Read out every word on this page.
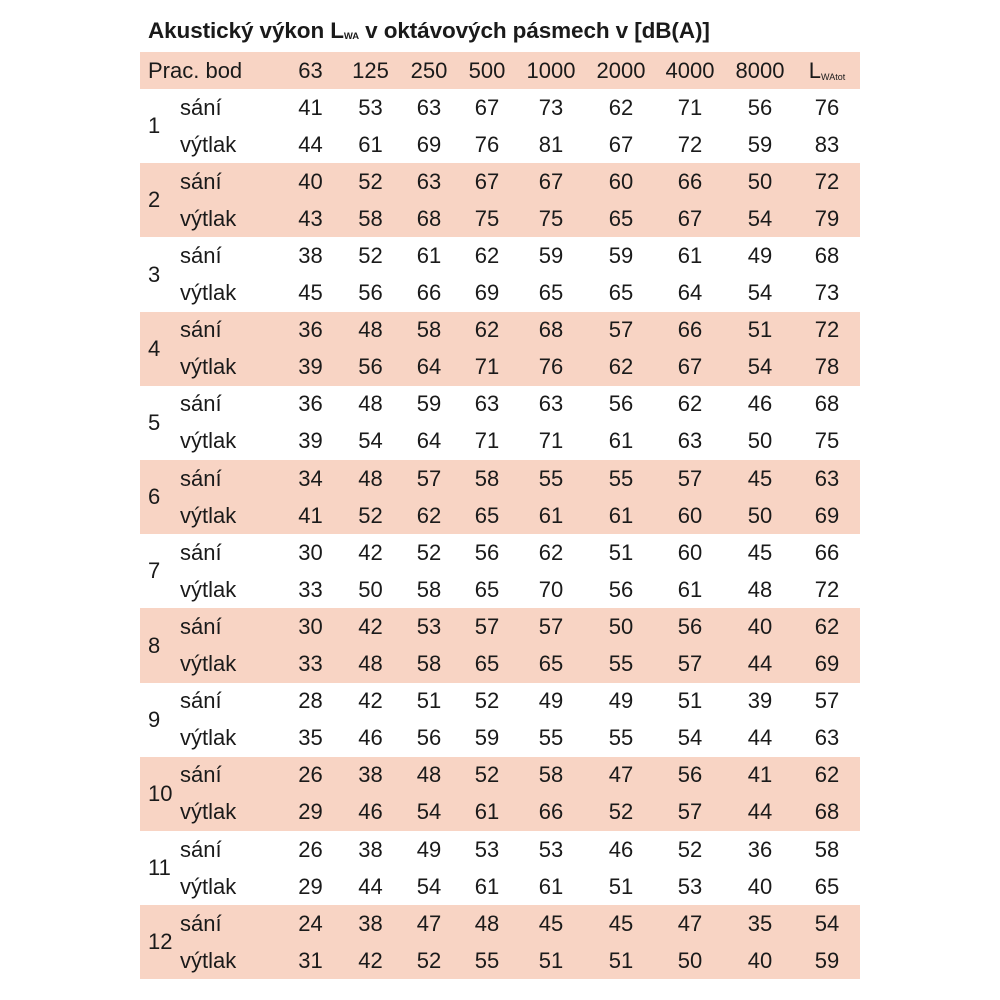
Akustický výkon $L_{WA}$ v oktávových pásmech v [dB(A)]
Prac. bod		63	125	250	500	1000	2000	4000	8000	LWAtot
1	sání	41	53	63	67	73	62	71	56	76
	výtlak	44	61	69	76	81	67	72	59	83
2	sání	40	52	63	67	67	60	66	50	72
	výtlak	43	58	68	75	75	65	67	54	79
3	sání	38	52	61	62	59	59	61	49	68
	výtlak	45	56	66	69	65	65	64	54	73
4	sání	36	48	58	62	68	57	66	51	72
	výtlak	39	56	64	71	76	62	67	54	78
5	sání	36	48	59	63	63	56	62	46	68
	výtlak	39	54	64	71	71	61	63	50	75
6	sání	34	48	57	58	55	55	57	45	63
	výtlak	41	52	62	65	61	61	60	50	69
7	sání	30	42	52	56	62	51	60	45	66
	výtlak	33	50	58	65	70	56	61	48	72
8	sání	30	42	53	57	57	50	56	40	62
	výtlak	33	48	58	65	65	55	57	44	69
9	sání	28	42	51	52	49	49	51	39	57
	výtlak	35	46	56	59	55	55	54	44	63
10	sání	26	38	48	52	58	47	56	41	62
	výtlak	29	46	54	61	66	52	57	44	68
11	sání	26	38	49	53	53	46	52	36	58
	výtlak	29	44	54	61	61	51	53	40	65
12	sání	24	38	47	48	45	45	47	35	54
	výtlak	31	42	52	55	51	51	50	40	59
